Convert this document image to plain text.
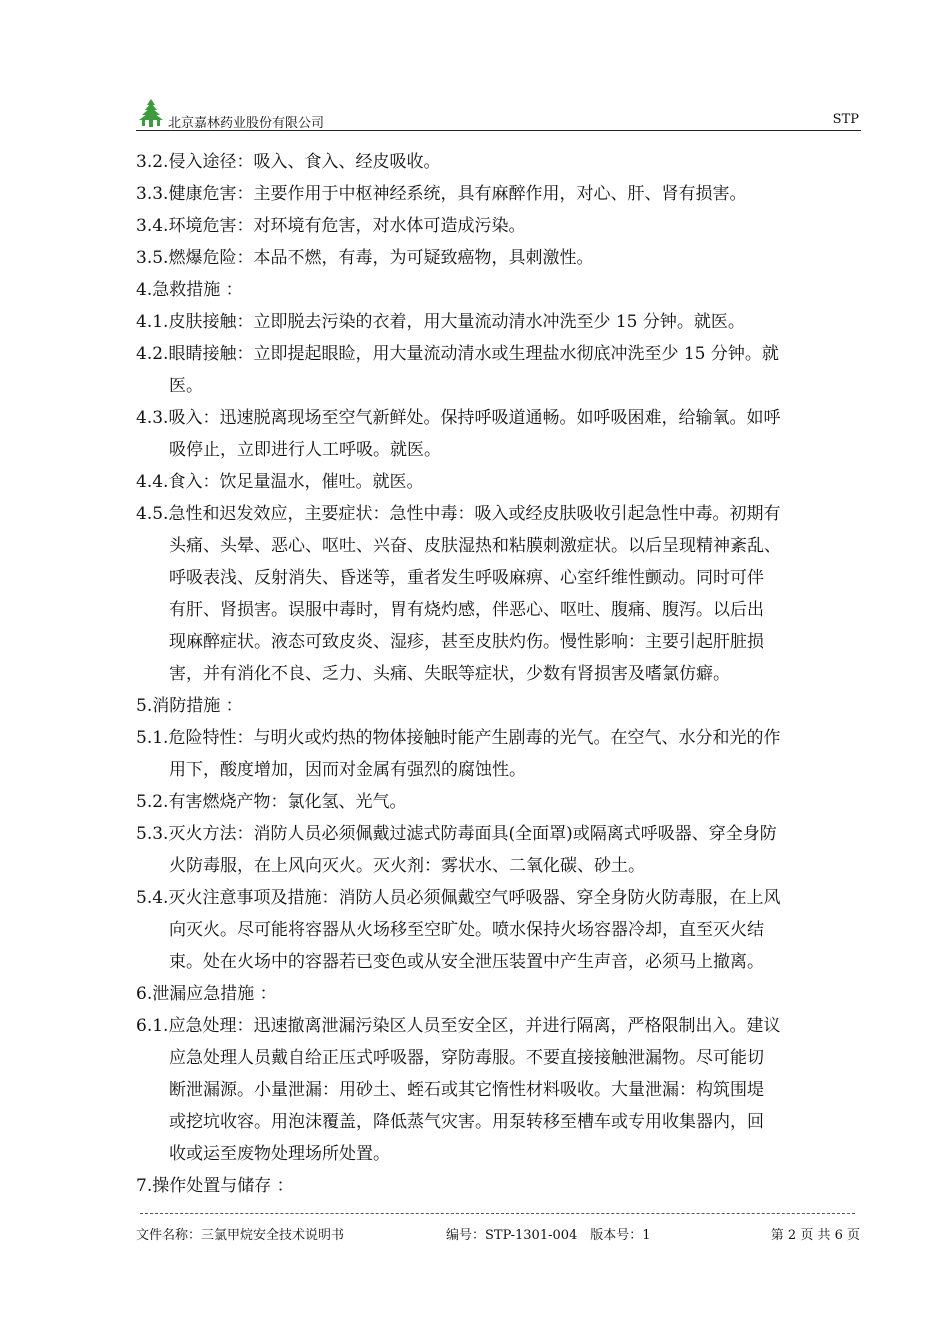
北京嘉林药业股份有限公司	STP
3.2.侵入途径：吸入、食入、经皮吸收。
3.3.健康危害：主要作用于中枢神经系统，具有麻醉作用，对心、肝、肾有损害。
3.4.环境危害：对环境有危害，对水体可造成污染。
3.5.燃爆危险：本品不燃，有毒，为可疑致癌物，具刺激性。
4.急救措施 ：
4.1.皮肤接触：立即脱去污染的衣着，用大量流动清水冲洗至少 15 分钟。就医。
4.2.眼睛接触：立即提起眼睑，用大量流动清水或生理盐水彻底冲洗至少 15 分钟。就
医。
4.3.吸入：迅速脱离现场至空气新鲜处。保持呼吸道通畅。如呼吸困难，给输氧。如呼
吸停止，立即进行人工呼吸。就医。
4.4.食入：饮足量温水，催吐。就医。
4.5.急性和迟发效应，主要症状：急性中毒：吸入或经皮肤吸收引起急性中毒。初期有
头痛、头晕、恶心、呕吐、兴奋、皮肤湿热和粘膜刺激症状。以后呈现精神紊乱、
呼吸表浅、反射消失、昏迷等，重者发生呼吸麻痹、心室纤维性颤动。同时可伴
有肝、肾损害。误服中毒时，胃有烧灼感，伴恶心、呕吐、腹痛、腹泻。以后出
现麻醉症状。液态可致皮炎、湿疹，甚至皮肤灼伤。慢性影响：主要引起肝脏损
害，并有消化不良、乏力、头痛、失眠等症状，少数有肾损害及嗜氯仿癖。
5.消防措施 ：
5.1.危险特性：与明火或灼热的物体接触时能产生剧毒的光气。在空气、水分和光的作
用下，酸度增加，因而对金属有强烈的腐蚀性。
5.2.有害燃烧产物：氯化氢、光气。
5.3.灭火方法：消防人员必须佩戴过滤式防毒面具(全面罩)或隔离式呼吸器、穿全身防
火防毒服，在上风向灭火。灭火剂：雾状水、二氧化碳、砂土。
5.4.灭火注意事项及措施：消防人员必须佩戴空气呼吸器、穿全身防火防毒服，在上风
向灭火。尽可能将容器从火场移至空旷处。喷水保持火场容器冷却，直至灭火结
束。处在火场中的容器若已变色或从安全泄压装置中产生声音，必须马上撤离。
6.泄漏应急措施 ：
6.1.应急处理：迅速撤离泄漏污染区人员至安全区，并进行隔离，严格限制出入。建议
应急处理人员戴自给正压式呼吸器，穿防毒服。不要直接接触泄漏物。尽可能切
断泄漏源。小量泄漏：用砂土、蛭石或其它惰性材料吸收。大量泄漏：构筑围堤
或挖坑收容。用泡沫覆盖，降低蒸气灾害。用泵转移至槽车或专用收集器内，回
收或运至废物处理场所处置。
7.操作处置与储存 ：
文件名称：三氯甲烷安全技术说明书	编号：STP-1301-004　版本号：1	第 2 页 共 6 页
